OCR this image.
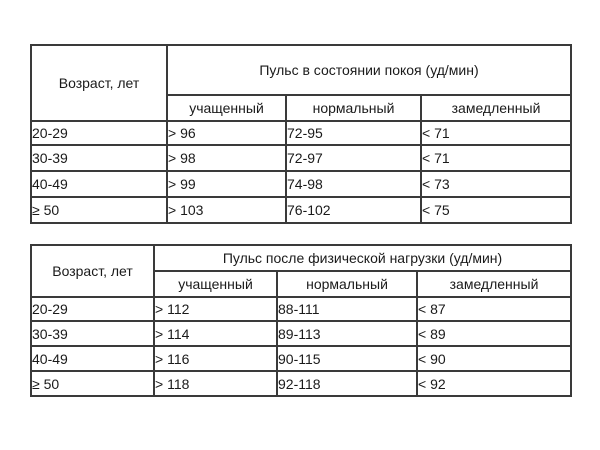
Возраст, лет	Пульс в состоянии покоя (уд/мин)		
	учащенный	нормальный	замедленный
20-29	> 96	72-95	< 71
30-39	> 98	72-97	< 71
40-49	> 99	74-98	< 73
≥ 50	> 103	76-102	< 75
Возраст, лет	Пульс после физической нагрузки (уд/мин)		
	учащенный	нормальный	замедленный
20-29	> 112	88-111	< 87
30-39	> 114	89-113	< 89
40-49	> 116	90-115	< 90
≥ 50	> 118	92-118	< 92
